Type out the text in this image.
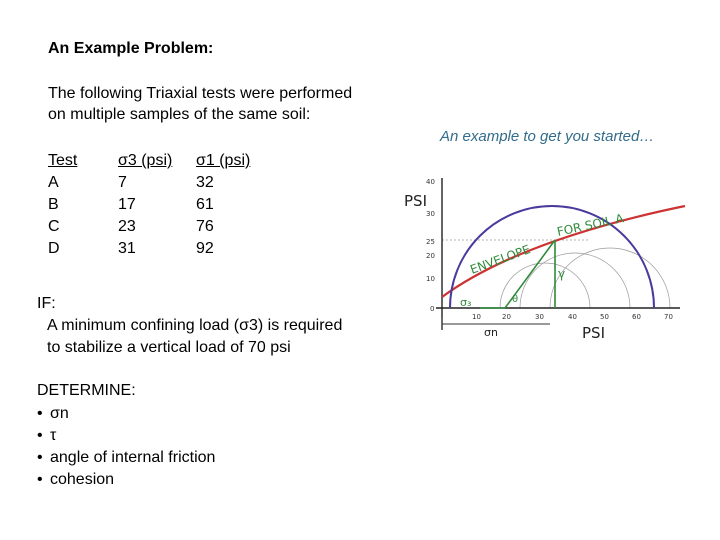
An Example Problem:
The following Triaxial tests were performed
on multiple samples of the same soil:
Test	σ3 (psi)	σ1 (psi)
A	7	32
B	17	61
C	23	76
D	31	92
IF:
A minimum confining load (σ3) is required
to stabilize a vertical load of 70 psi
DETERMINE:
• σn
• τ
• angle of internal friction
• cohesion
An example to get you started…
40
30
25
20
10
0
10	20	30	40	50	60	70
PSI
PSI
ENVELOPE
FOR SOIL A
γ
σ₃	θ
σn
